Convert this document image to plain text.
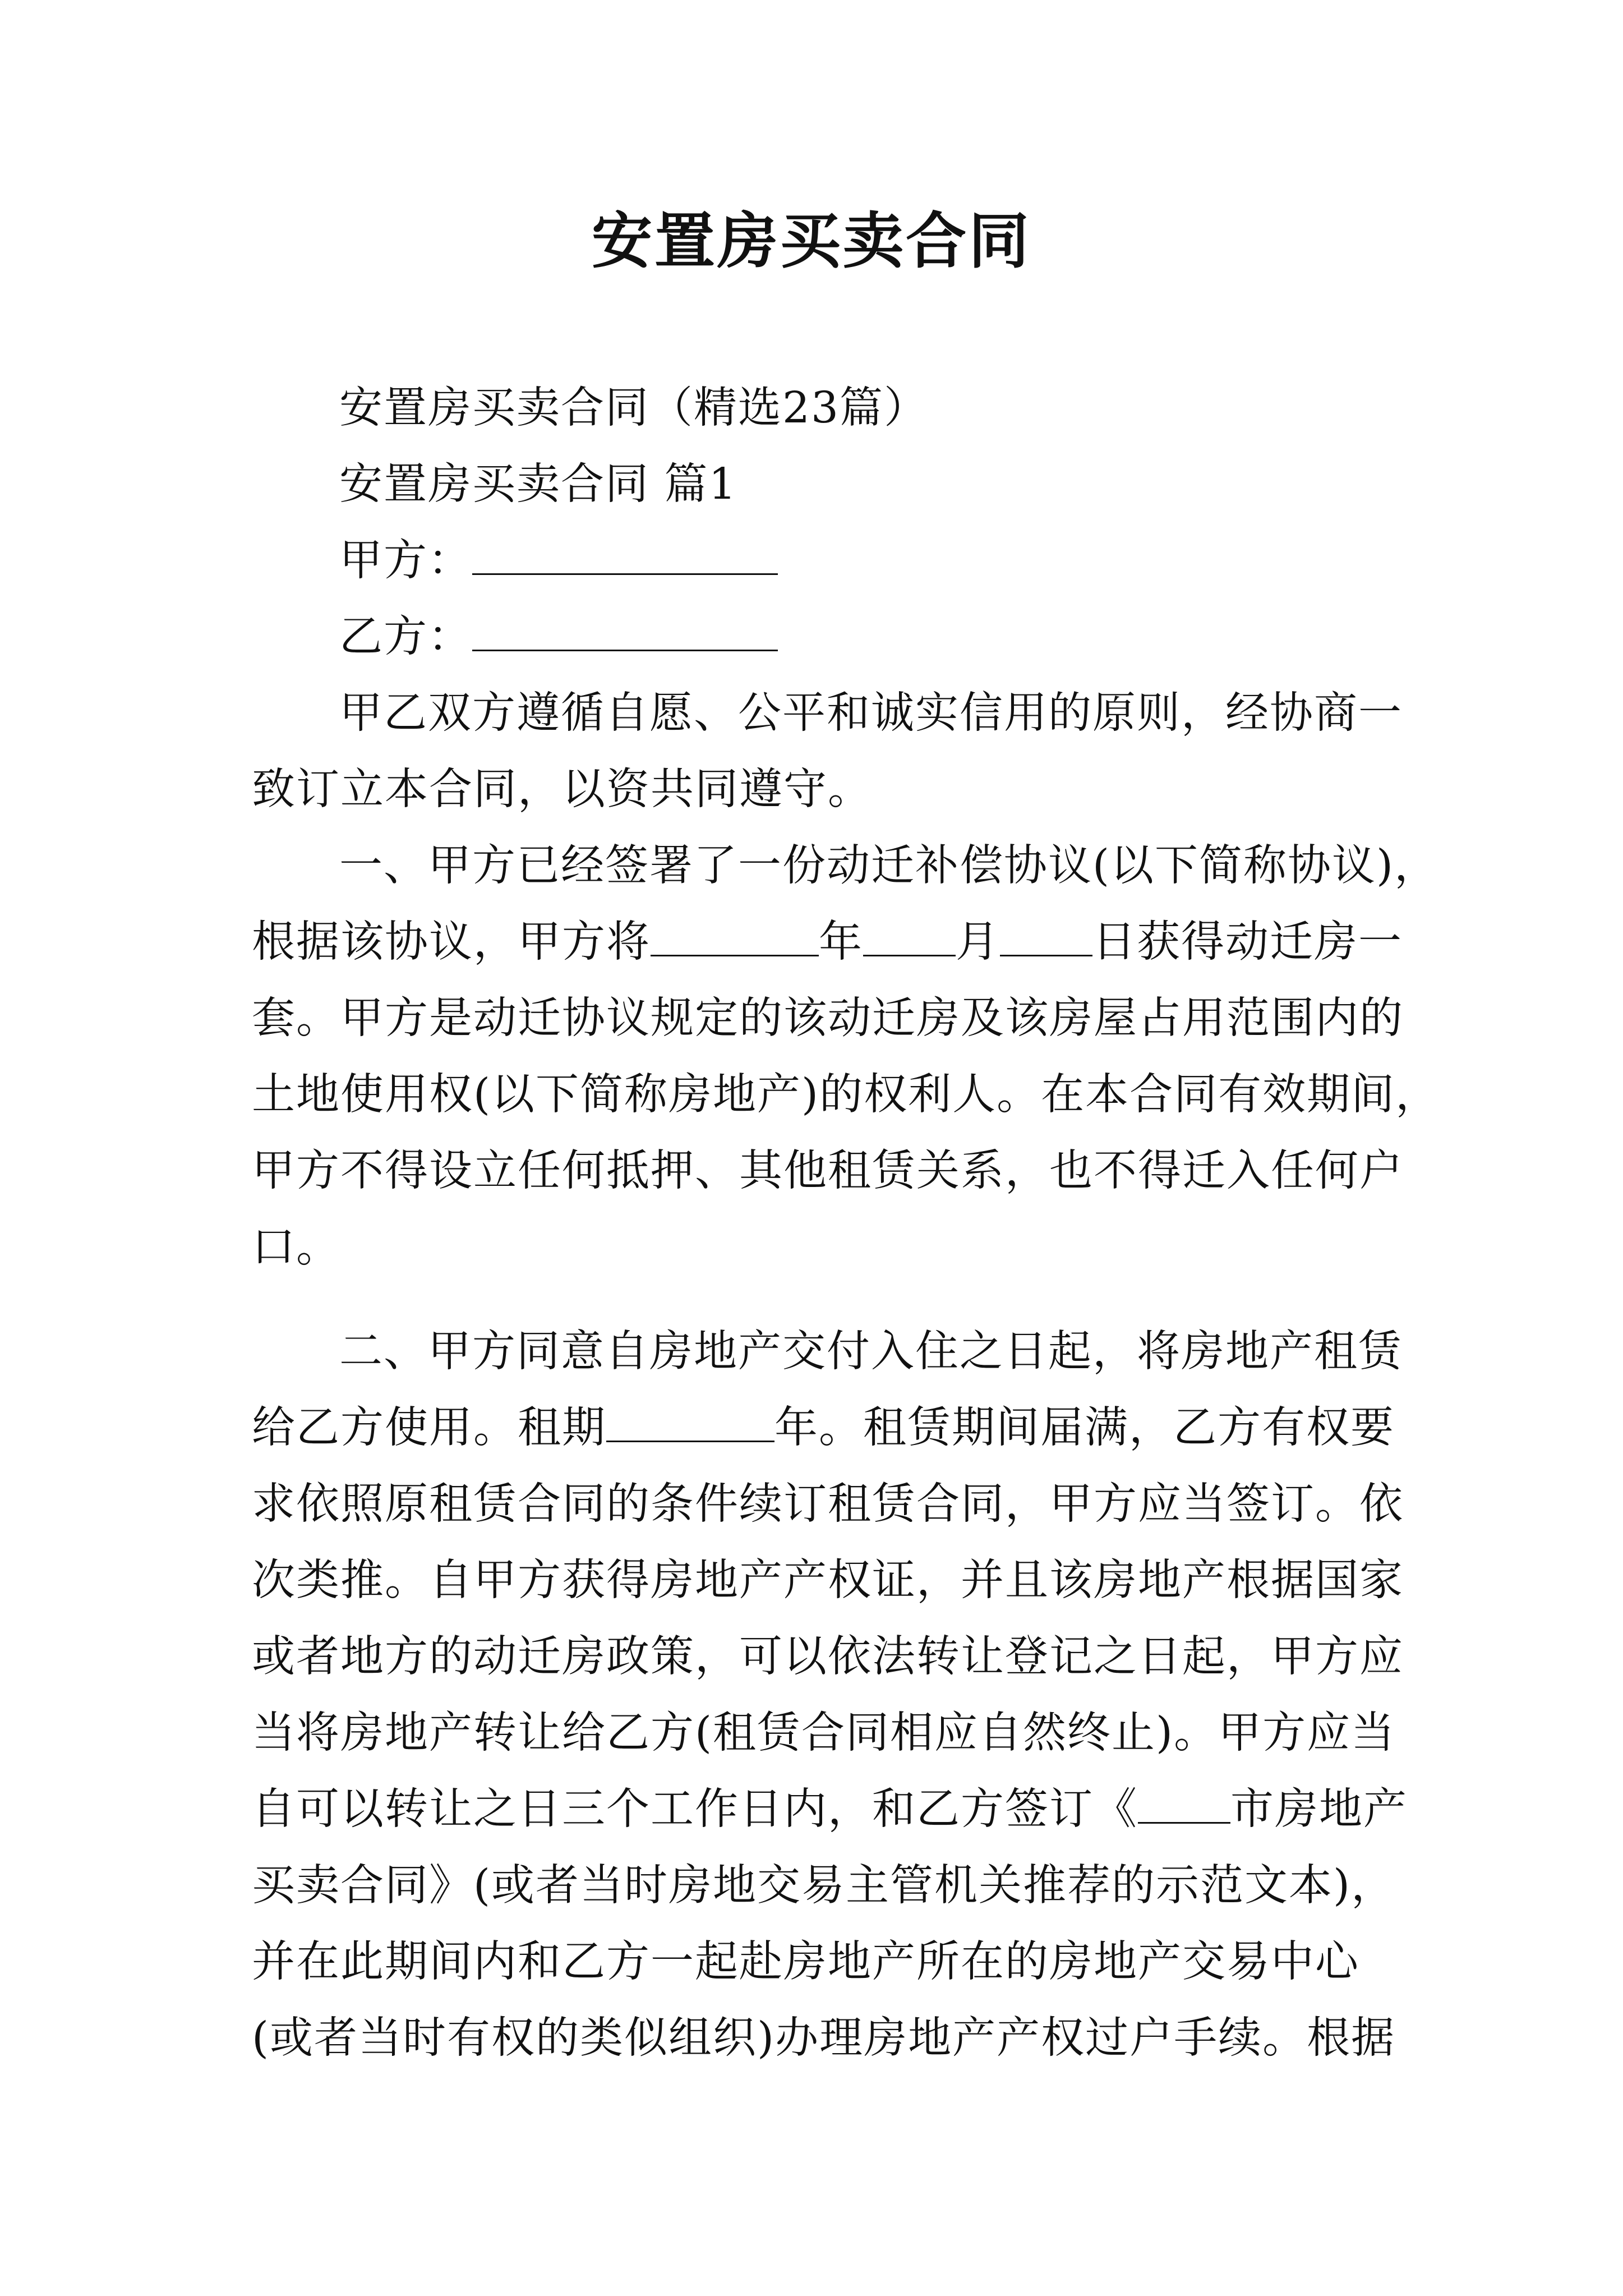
安置房买卖合同
安置房买卖合同（精选23篇）
安置房买卖合同 篇1
甲方：
乙方：
甲乙双方遵循自愿、公平和诚实信用的原则，经协商一
致订立本合同，以资共同遵守。
一、甲方已经签署了一份动迁补偿协议(以下简称协议)，
根据该协议，甲方将	年 月 日获得动迁房一
套。甲方是动迁协议规定的该动迁房及该房屋占用范围内的
土地使用权(以下简称房地产)的权利人。在本合同有效期间，
甲方不得设立任何抵押、其他租赁关系，也不得迁入任何户
口。
二、甲方同意自房地产交付入住之日起，将房地产租赁
给乙方使用。租期	年。租赁期间届满，乙方有权要
求依照原租赁合同的条件续订租赁合同，甲方应当签订。依
次类推。自甲方获得房地产产权证，并且该房地产根据国家
或者地方的动迁房政策，可以依法转让登记之日起，甲方应
当将房地产转让给乙方(租赁合同相应自然终止)。甲方应当
自可以转让之日三个工作日内，和乙方签订《 市房地产
买卖合同》(或者当时房地交易主管机关推荐的示范文本)，
并在此期间内和乙方一起赴房地产所在的房地产交易中心
(或者当时有权的类似组织)办理房地产产权过户手续。根据
